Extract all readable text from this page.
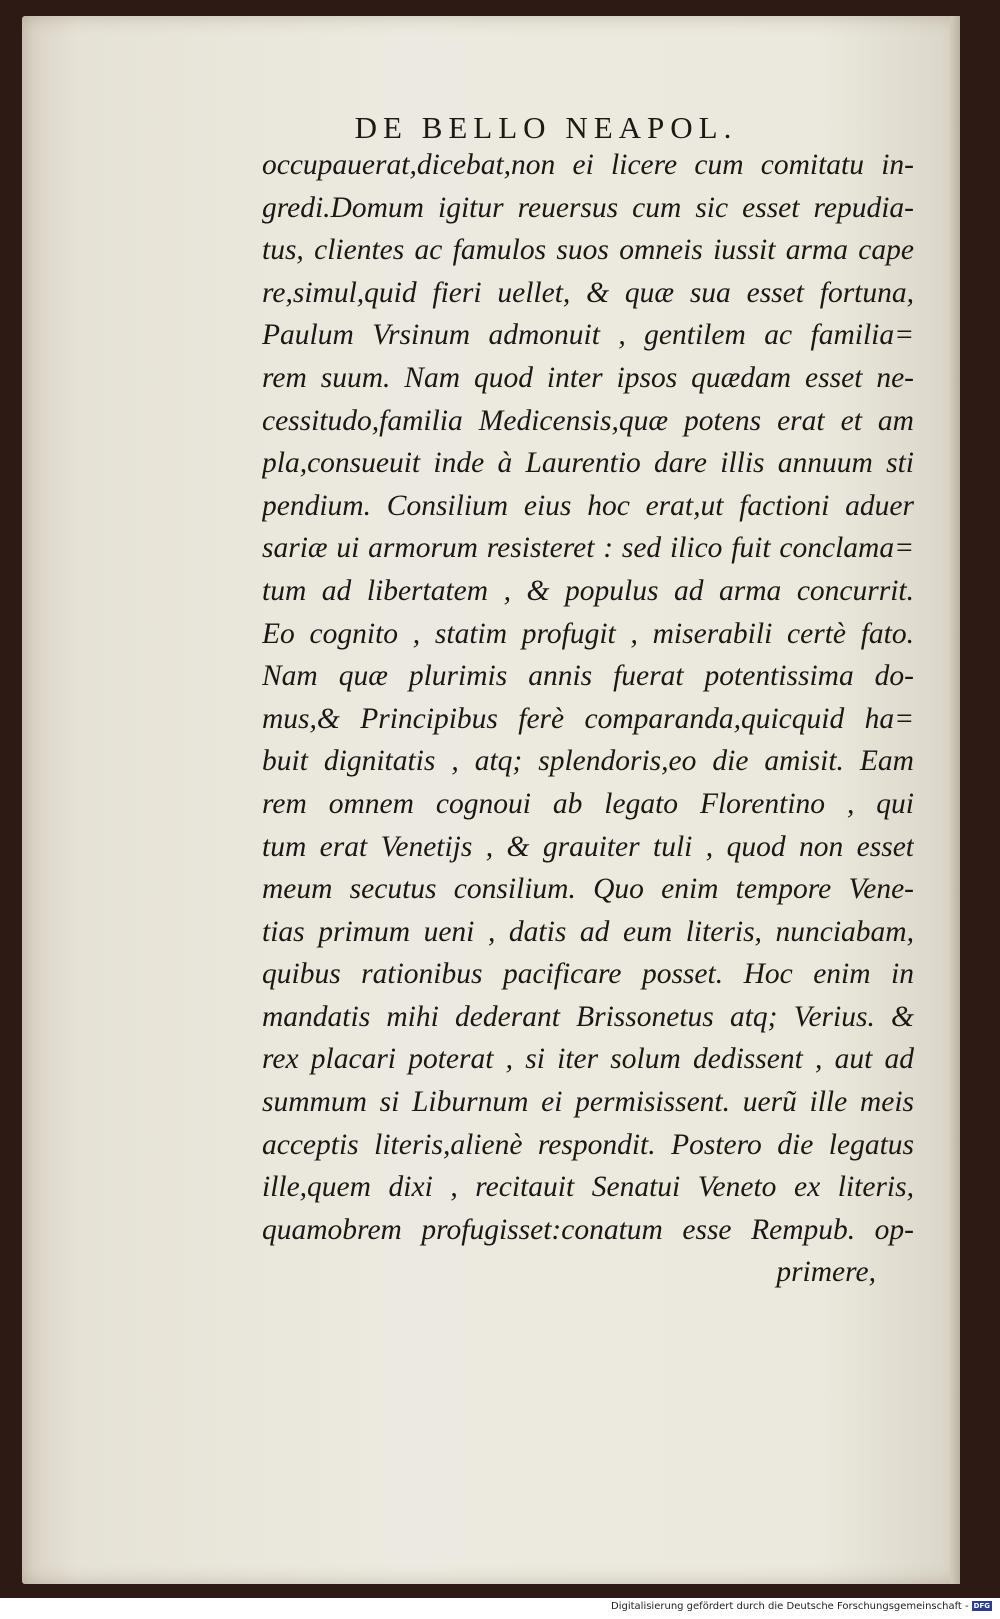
DE BELLO NEAPOL.
occupauerat,dicebat,non ei licere cum comitatu in-
gredi.Domum igitur reuersus cum sic esset repudia-
tus, clientes ac famulos suos omneis iussit arma cape
re,simul,quid fieri uellet, & quæ sua esset fortuna,
Paulum Vrsinum admonuit , gentilem ac familia=
rem suum. Nam quod inter ipsos quædam esset ne-
cessitudo,familia Medicensis,quæ potens erat et am
pla,consueuit inde à Laurentio dare illis annuum sti
pendium. Consilium eius hoc erat,ut factioni aduer
sariæ ui armorum resisteret : sed ilico fuit conclama=
tum ad libertatem , & populus ad arma concurrit.
Eo cognito , statim profugit , miserabili certè fato.
Nam quæ plurimis annis fuerat potentissima do-
mus,& Principibus ferè comparanda,quicquid ha=
buit dignitatis , atq; splendoris,eo die amisit. Eam
rem omnem cognoui ab legato Florentino , qui
tum erat Venetijs , & grauiter tuli , quod non esset
meum secutus consilium. Quo enim tempore Vene-
tias primum ueni , datis ad eum literis, nunciabam,
quibus rationibus pacificare posset. Hoc enim in
mandatis mihi dederant Brissonetus atq; Verius. &
rex placari poterat , si iter solum dedissent , aut ad
summum si Liburnum ei permisissent. uerũ ille meis
acceptis literis,alienè respondit. Postero die legatus
ille,quem dixi , recitauit Senatui Veneto ex literis,
quamobrem profugisset:conatum esse Rempub. op-
primere,
Digitalisierung gefördert durch die Deutsche Forschungsgemeinschaft - DFG
